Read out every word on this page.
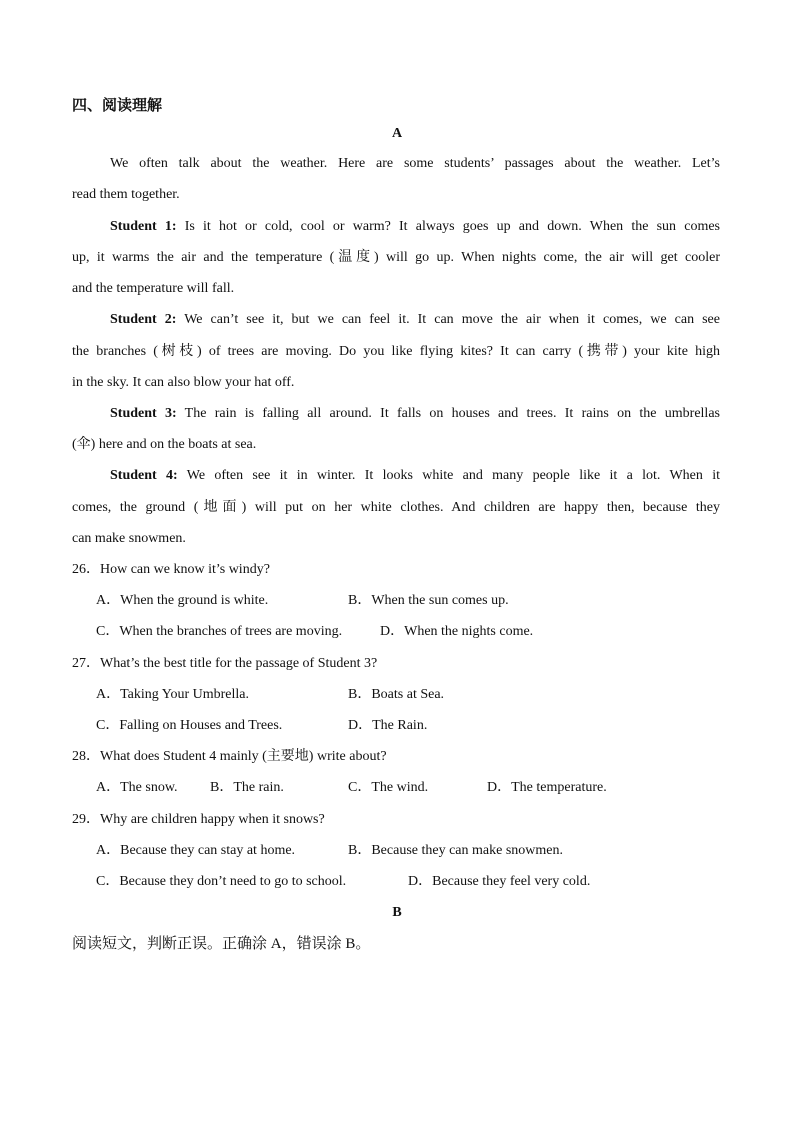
四、阅读理解
A
We often talk about the weather. Here are some students’ passages about the weather. Let’s
read them together.
Student 1: Is it hot or cold, cool or warm? It always goes up and down. When the sun comes
up, it warms the air and the temperature (温度) will go up. When nights come, the air will get cooler
and the temperature will fall.
Student 2: We can’t see it, but we can feel it. It can move the air when it comes, we can see
the branches (树枝) of trees are moving. Do you like flying kites? It can carry (携带) your kite high
in the sky. It can also blow your hat off.
Student 3: The rain is falling all around. It falls on houses and trees. It rains on the umbrellas
(伞) here and on the boats at sea.
Student 4: We often see it in winter. It looks white and many people like it a lot. When it
comes, the ground (地面) will put on her white clothes. And children are happy then, because they
can make snowmen.
26．How can we know it’s windy?
A．When the ground is white.	B．When the sun comes up.
C．When the branches of trees are moving.	D．When the nights come.
27．What’s the best title for the passage of Student 3?
A．Taking Your Umbrella.	B．Boats at Sea.
C．Falling on Houses and Trees.	D．The Rain.
28．What does Student 4 mainly (主要地) write about?
A．The snow. B．The rain.	C．The wind.	D．The temperature.
29．Why are children happy when it snows?
A．Because they can stay at home.	B．Because they can make snowmen.
C．Because they don’t need to go to school.	D．Because they feel very cold.
B
阅读短文，判断正误。正确涂 A，错误涂 B。
